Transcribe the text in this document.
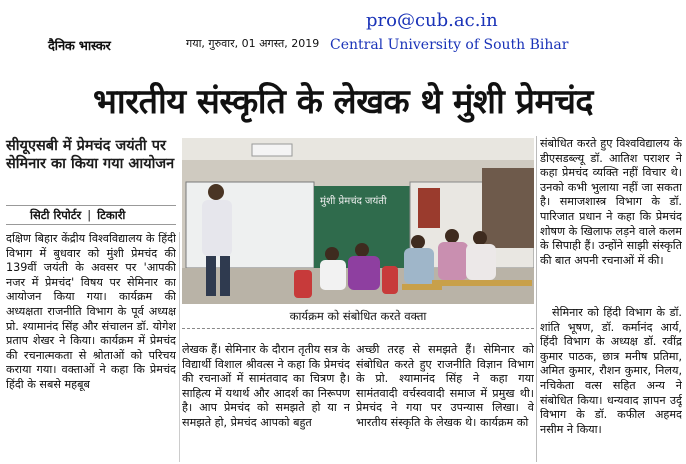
दैनिक भास्कर	गया, गुरुवार, 01 अगस्त, 2019
pro@cub.ac.in
Central University of South Bihar
भारतीय संस्कृति के लेखक थे मुंशी प्रेमचंद
सीयूएसबी में प्रेमचंद जयंती पर सेमिनार का किया गया आयोजन
सिटी रिपोर्टर | टिकारी

दक्षिण बिहार केंद्रीय विश्वविद्यालय के हिंदी विभाग में बुधवार को मुंशी प्रेमचंद की 139वीं जयंती के अवसर पर 'आपकी नजर में प्रेमचंद' विषय पर सेमिनार का आयोजन किया गया। कार्यक्रम की अध्यक्षता राजनीति विभाग के पूर्व अध्यक्ष प्रो. श्यामानंद सिंह और संचालन डॉ. योगेश प्रताप शेखर ने किया। कार्यक्रम में प्रेमचंद की रचनात्मकता से श्रोताओं को परिचय कराया गया। वक्ताओं ने कहा कि प्रेमचंद हिंदी के सबसे महबूब

मुंशी प्रेमचंद जयंती
कार्यक्रम को संबोधित करते वक्ता

लेखक हैं। सेमिनार के दौरान तृतीय सत्र के विद्यार्थी विशाल श्रीवत्स ने कहा कि प्रेमचंद की रचनाओं में सामंतवाद का चित्रण है। साहित्य में यथार्थ और आदर्श का निरूपण है। आप प्रेमचंद को समझते हो या न समझते हो, प्रेमचंद आपको बहुत

अच्छी तरह से समझते हैं। सेमिनार को संबोधित करते हुए राजनीति विज्ञान विभाग के प्रो. श्यामानंद सिंह ने कहा गया सामंतवादी वर्चस्ववादी समाज में प्रमुख थी। प्रेमचंद ने गया पर उपन्यास लिखा। वे भारतीय संस्कृति के लेखक थे। कार्यक्रम को

संबोधित करते हुए विश्वविद्यालय के डीएसडब्ल्यू डॉ. आतिश पराशर ने कहा प्रेमचंद व्यक्ति नहीं विचार थे। उनको कभी भुलाया नहीं जा सकता है। समाजशास्त्र विभाग के डॉ. पारिजात प्रधान ने कहा कि प्रेमचंद शोषण के खिलाफ लड़ने वाले कलम के सिपाही हैं। उन्होंने साझी संस्कृति की बात अपनी रचनाओं में की।

सेमिनार को हिंदी विभाग के डॉ. शांति भूषण, डॉ. कर्मानंद आर्य, हिंदी विभाग के अध्यक्ष डॉ. रवींद्र कुमार पाठक, छात्र मनीष प्रतिमा, अमित कुमार, रौशन कुमार, निलय, नचिकेता वत्स सहित अन्य ने संबोधित किया। धन्यवाद ज्ञापन उर्दू विभाग के डॉ. कफील अहमद नसीम ने किया।
